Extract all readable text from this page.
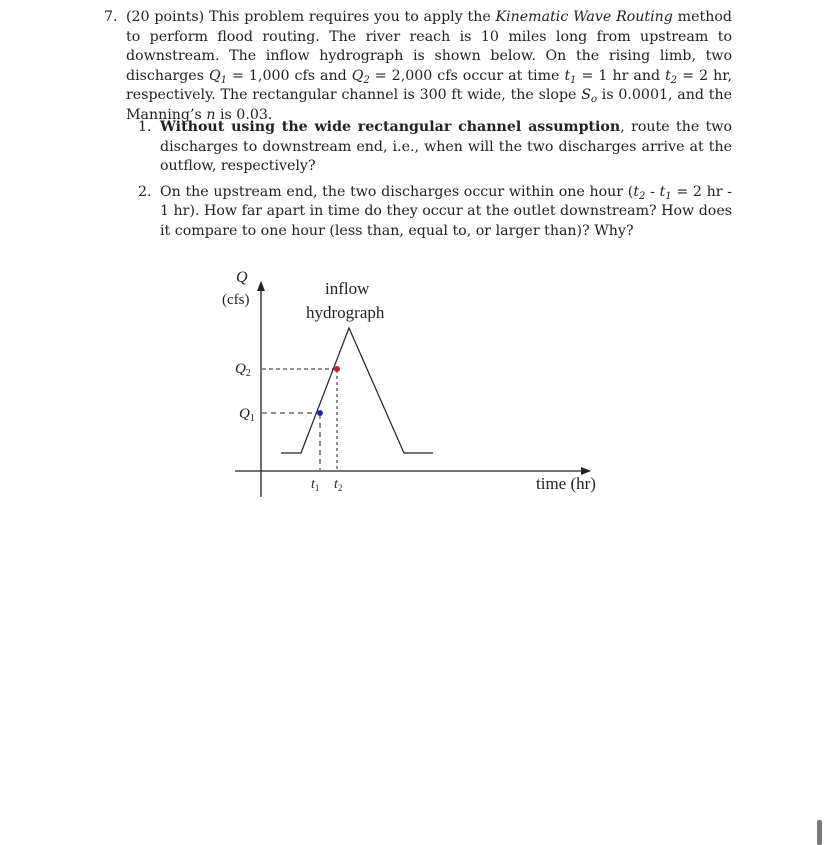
7. (20 points) This problem requires you to apply the Kinematic Wave Routing method to perform flood routing. The river reach is 10 miles long from upstream to downstream. The inflow hydrograph is shown below. On the rising limb, two discharges $Q_1 = 1,000$ cfs and $Q_2 = 2,000$ cfs occur at time $t_1 = 1$ hr and $t_2 = 2$ hr, respectively. The rectangular channel is 300 ft wide, the slope $S_o$ is 0.0001, and the Manning’s n is 0.03.
1. Without using the wide rectangular channel assumption, route the two discharges to downstream end, i.e., when will the two discharges arrive at the outflow, respectively?
2. On the upstream end, the two discharges occur within one hour ($t_2 - t_1 = 2$ hr - 1 hr). How far apart in time do they occur at the outlet downstream? How does it compare to one hour (less than, equal to, or larger than)? Why?
Q
(cfs)
inflow
hydrograph
$Q_2$
$Q_1$
$t_1$ $t_2$	time (hr)
